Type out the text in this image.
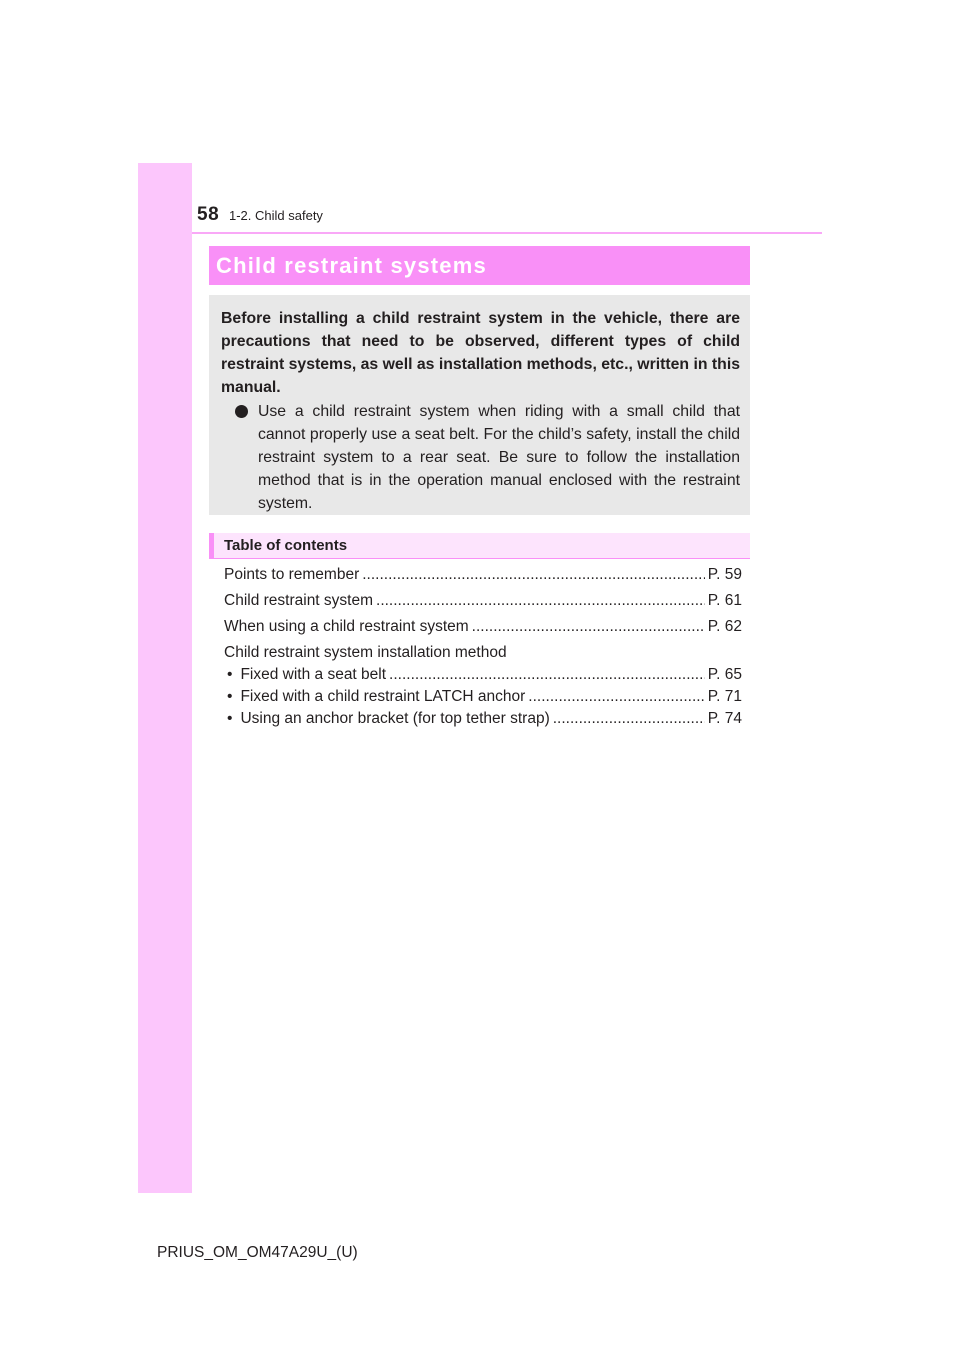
58 1-2. Child safety
Child restraint systems

Before installing a child restraint system in the vehicle, there are precautions that need to be observed, different types of child restraint systems, as well as installation methods, etc., written in this manual.

Use a child restraint system when riding with a small child that cannot properly use a seat belt. For the child’s safety, install the child restraint system to a rear seat. Be sure to follow the installation method that is in the operation manual enclosed with the restraint system.

Table of contents
Points to remember .....	P. 59
Child restraint system .....	P. 61
When using a child restraint system .....	P. 62
Child restraint system installation method
• Fixed with a seat belt .....	P. 65
• Fixed with a child restraint LATCH anchor .....	P. 71
• Using an anchor bracket (for top tether strap) .....	P. 74
PRIUS_OM_OM47A29U_(U)
